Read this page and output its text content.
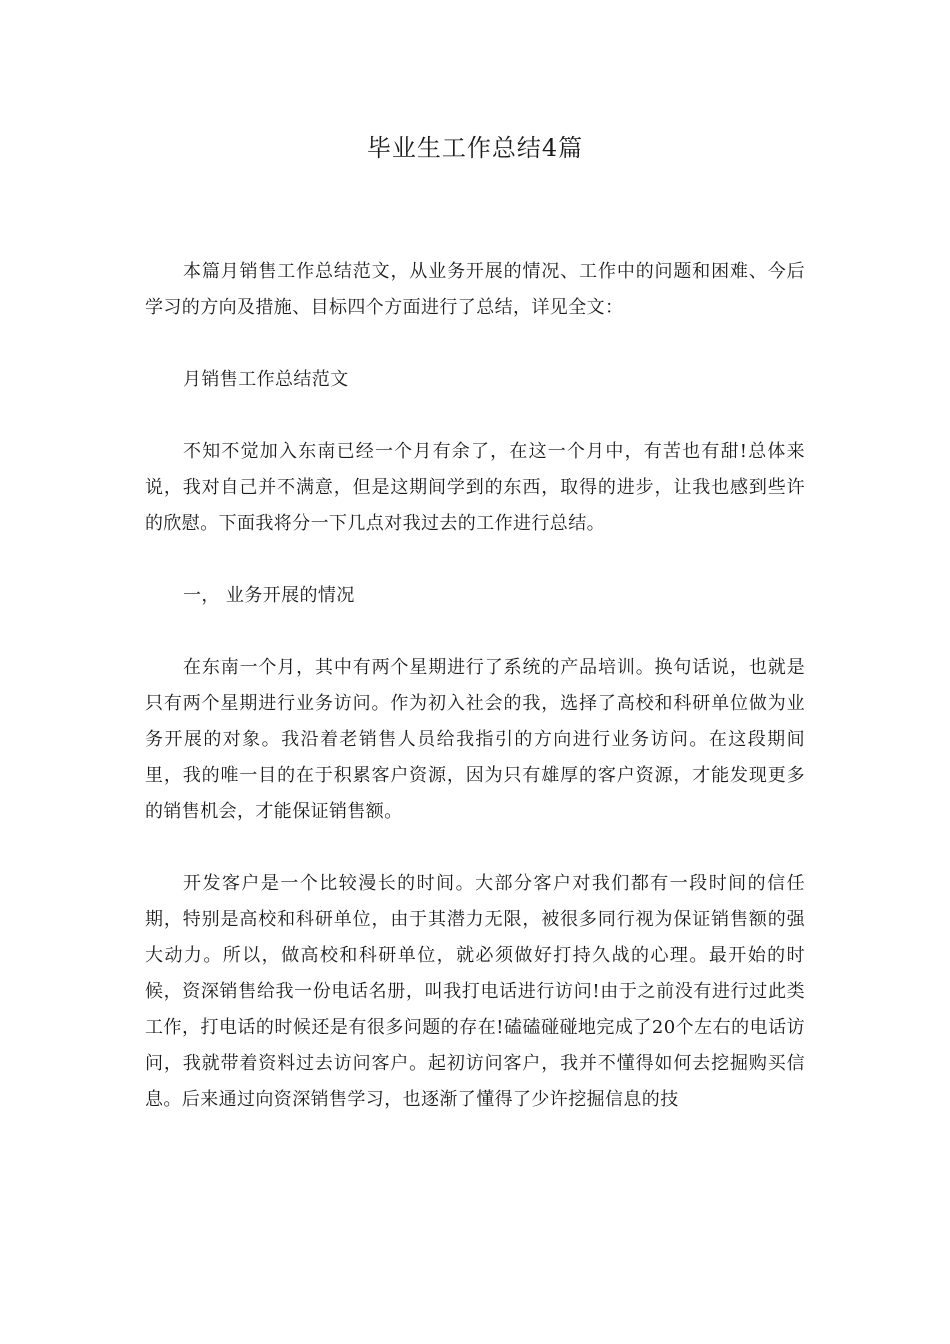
毕业生工作总结4篇

本篇月销售工作总结范文，从业务开展的情况、工作中的问题和困难、今后学习的方向及措施、目标四个方面进行了总结，详见全文：

月销售工作总结范文

不知不觉加入东南已经一个月有余了，在这一个月中，有苦也有甜!总体来说，我对自己并不满意，但是这期间学到的东西，取得的进步，让我也感到些许的欣慰。下面我将分一下几点对我过去的工作进行总结。

一， 业务开展的情况

在东南一个月，其中有两个星期进行了系统的产品培训。换句话说，也就是只有两个星期进行业务访问。作为初入社会的我，选择了高校和科研单位做为业务开展的对象。我沿着老销售人员给我指引的方向进行业务访问。在这段期间里，我的唯一目的在于积累客户资源，因为只有雄厚的客户资源，才能发现更多的销售机会，才能保证销售额。

开发客户是一个比较漫长的时间。大部分客户对我们都有一段时间的信任期，特别是高校和科研单位，由于其潜力无限，被很多同行视为保证销售额的强大动力。所以，做高校和科研单位，就必须做好打持久战的心理。最开始的时候，资深销售给我一份电话名册，叫我打电话进行访问!由于之前没有进行过此类工作，打电话的时候还是有很多问题的存在!磕磕碰碰地完成了20个左右的电话访问，我就带着资料过去访问客户。起初访问客户，我并不懂得如何去挖掘购买信息。后来通过向资深销售学习，也逐渐了懂得了少许挖掘信息的技
